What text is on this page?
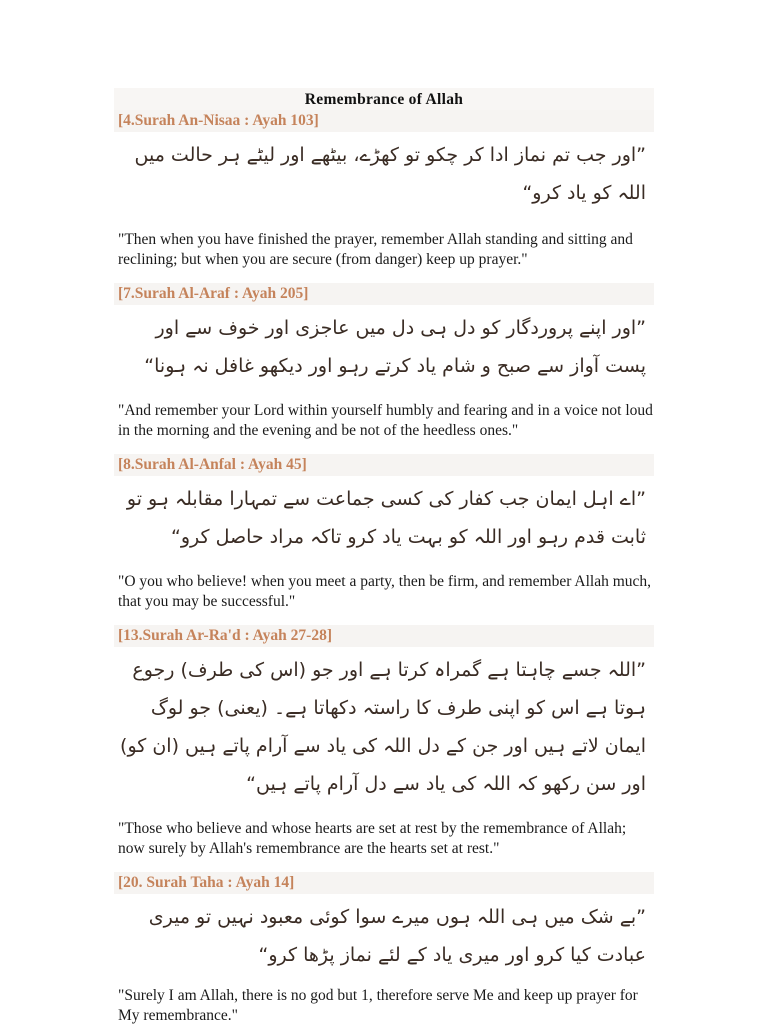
Remembrance of Allah
[4.Surah An-Nisaa : Ayah 103]

”اور جب تم نماز ادا کر چکو تو کھڑے، بیٹھے اور لیٹے ہر حالت میں اللہ کو یاد کرو“

"Then when you have finished the prayer, remember Allah standing and sitting and reclining; but when you are secure (from danger) keep up prayer."

[7.Surah Al-Araf : Ayah 205]

”اور اپنے پروردگار کو دل ہی دل میں عاجزی اور خوف سے اور پست آواز سے صبح و شام یاد کرتے رہو اور دیکھو غافل نہ ہونا“

"And remember your Lord within yourself humbly and fearing and in a voice not loud in the morning and the evening and be not of the heedless ones."

[8.Surah Al-Anfal : Ayah 45]

”اے اہل ایمان جب کفار کی کسی جماعت سے تمہارا مقابلہ ہو تو ثابت قدم رہو اور اللہ کو بہت یاد کرو تاکہ مراد حاصل کرو“

"O you who believe! when you meet a party, then be firm, and remember Allah much, that you may be successful."

[13.Surah Ar-Ra'd : Ayah 27-28]

”اللہ جسے چاہتا ہے گمراہ کرتا ہے اور جو (اس کی طرف) رجوع ہوتا ہے اس کو اپنی طرف کا راستہ دکھاتا ہے۔ (یعنی) جو لوگ ایمان لاتے ہیں اور جن کے دل اللہ کی یاد سے آرام پاتے ہیں (ان کو) اور سن رکھو کہ اللہ کی یاد سے دل آرام پاتے ہیں“

"Those who believe and whose hearts are set at rest by the remembrance of Allah; now surely by Allah's remembrance are the hearts set at rest."

[20. Surah Taha : Ayah 14]

”بے شک میں ہی اللہ ہوں میرے سوا کوئی معبود نہیں تو میری عبادت کیا کرو اور میری یاد کے لئے نماز پڑھا کرو“

"Surely I am Allah, there is no god but 1, therefore serve Me and keep up prayer for My remembrance."
